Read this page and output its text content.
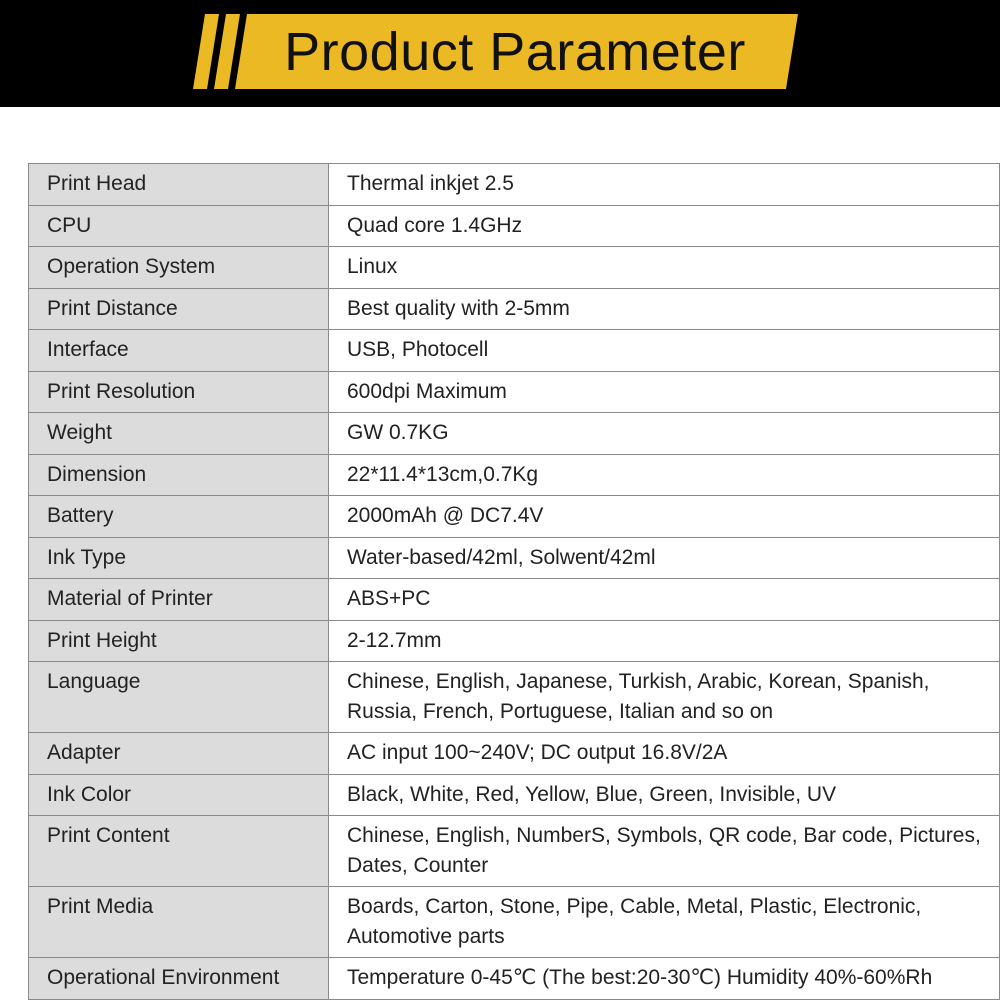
Product Parameter
Print Head	Thermal inkjet 2.5
CPU	Quad core 1.4GHz
Operation System	Linux
Print Distance	Best quality with 2-5mm
Interface	USB, Photocell
Print Resolution	600dpi Maximum
Weight	GW 0.7KG
Dimension	22*11.4*13cm,0.7Kg
Battery	2000mAh @ DC7.4V
Ink Type	Water-based/42ml, Solwent/42ml
Material of Printer	ABS+PC
Print Height	2-12.7mm
Language	Chinese, English, Japanese, Turkish, Arabic, Korean, Spanish, Russia, French, Portuguese, Italian and so on
Adapter	AC input 100~240V; DC output 16.8V/2A
Ink Color	Black, White, Red, Yellow, Blue, Green, Invisible, UV
Print Content	Chinese, English, NumberS, Symbols, QR code, Bar code, Pictures, Dates, Counter
Print Media	Boards, Carton, Stone, Pipe, Cable, Metal, Plastic, Electronic, Automotive parts
Operational Environment	Temperature 0-45℃ (The best:20-30℃) Humidity 40%-60%Rh
